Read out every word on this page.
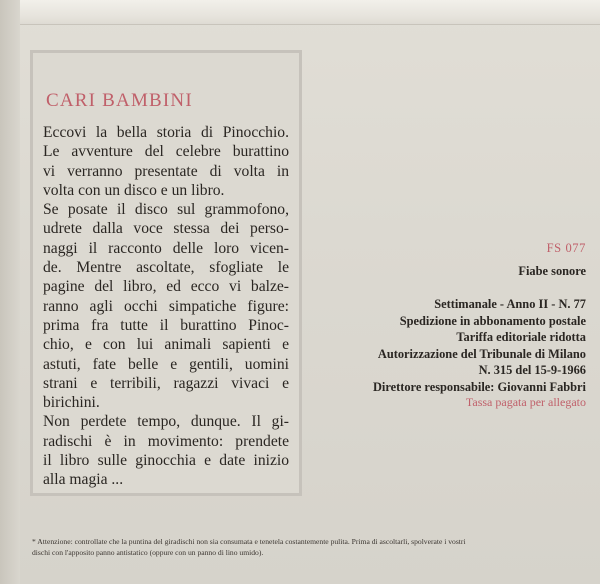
CARI BAMBINI

Eccovi la bella storia di Pinocchio.

Le avventure del celebre burattino

vi verranno presentate di volta in

volta con un disco e un libro.

Se posate il disco sul grammofono,

udrete dalla voce stessa dei perso-

naggi il racconto delle loro vicen-

de. Mentre ascoltate, sfogliate le

pagine del libro, ed ecco vi balze-

ranno agli occhi simpatiche figure:

prima fra tutte il burattino Pinoc-

chio, e con lui animali sapienti e

astuti, fate belle e gentili, uomini

strani e terribili, ragazzi vivaci e

birichini.

Non perdete tempo, dunque. Il gi-

radischi è in movimento: prendete

il libro sulle ginocchia e date inizio

alla magia ...

FS 077
Fiabe sonore
Settimanale - Anno II - N. 77
Spedizione in abbonamento postale
Tariffa editoriale ridotta
Autorizzazione del Tribunale di Milano
N. 315 del 15-9-1966
Direttore responsabile: Giovanni Fabbri
Tassa pagata per allegato
* Attenzione: controllate che la puntina del giradischi non sia consumata e tenetela costantemente pulita. Prima di ascoltarli, spolverate i vostri
dischi con l'apposito panno antistatico (oppure con un panno di lino umido).
